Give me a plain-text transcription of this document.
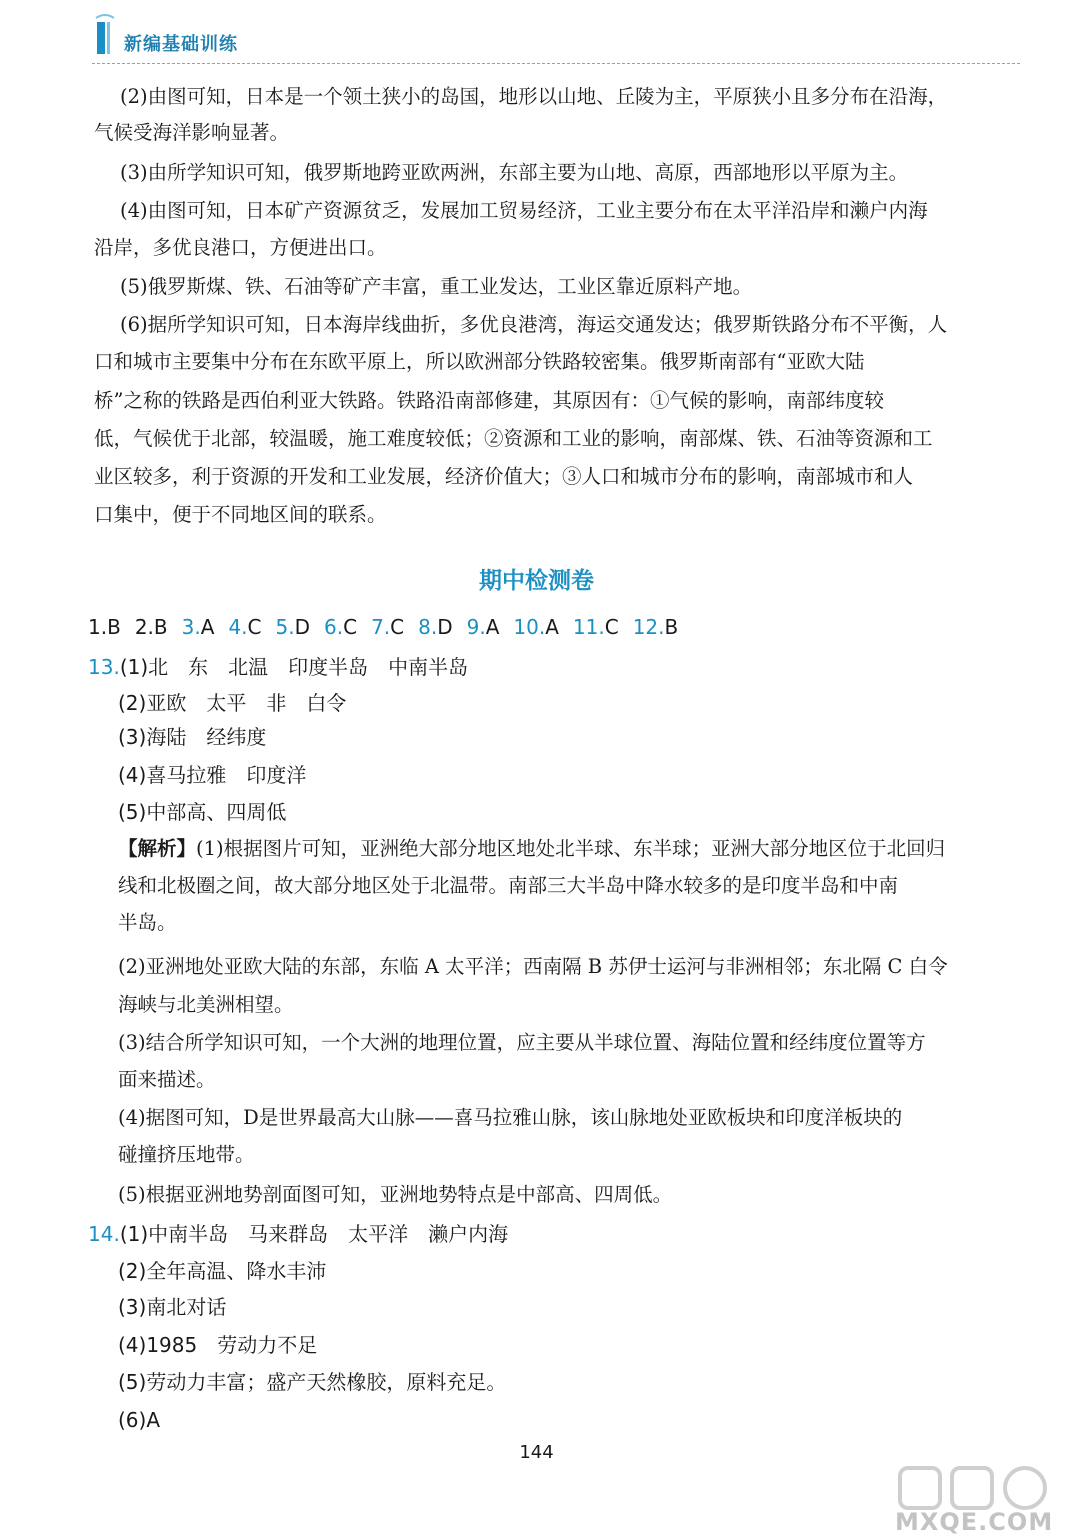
新编基础训练
(2)由图可知，日本是一个领土狭小的岛国，地形以山地、丘陵为主，平原狭小且多分布在沿海，
气候受海洋影响显著。
(3)由所学知识可知，俄罗斯地跨亚欧两洲，东部主要为山地、高原，西部地形以平原为主。
(4)由图可知，日本矿产资源贫乏，发展加工贸易经济，工业主要分布在太平洋沿岸和濑户内海
沿岸，多优良港口，方便进出口。
(5)俄罗斯煤、铁、石油等矿产丰富，重工业发达，工业区靠近原料产地。
(6)据所学知识可知，日本海岸线曲折，多优良港湾，海运交通发达；俄罗斯铁路分布不平衡，人
口和城市主要集中分布在东欧平原上，所以欧洲部分铁路较密集。俄罗斯南部有“亚欧大陆
桥”之称的铁路是西伯利亚大铁路。铁路沿南部修建，其原因有：①气候的影响，南部纬度较
低，气候优于北部，较温暖，施工难度较低；②资源和工业的影响，南部煤、铁、石油等资源和工
业区较多，利于资源的开发和工业发展，经济价值大；③人口和城市分布的影响，南部城市和人
口集中，便于不同地区间的联系。
期中检测卷
1.B 2.B 3.A 4.C 5.D 6.C 7.C 8.D 9.A 10.A 11.C 12.B
13.(1)北　东　北温　印度半岛　中南半岛
(2)亚欧　太平　非　白令
(3)海陆　经纬度
(4)喜马拉雅　印度洋
(5)中部高、四周低
【解析】(1)根据图片可知，亚洲绝大部分地区地处北半球、东半球；亚洲大部分地区位于北回归
线和北极圈之间，故大部分地区处于北温带。南部三大半岛中降水较多的是印度半岛和中南
半岛。
(2)亚洲地处亚欧大陆的东部，东临 A 太平洋；西南隔 B 苏伊士运河与非洲相邻；东北隔 C 白令
海峡与北美洲相望。
(3)结合所学知识可知，一个大洲的地理位置，应主要从半球位置、海陆位置和经纬度位置等方
面来描述。
(4)据图可知，D是世界最高大山脉——喜马拉雅山脉，该山脉地处亚欧板块和印度洋板块的
碰撞挤压地带。
(5)根据亚洲地势剖面图可知，亚洲地势特点是中部高、四周低。
14.(1)中南半岛　马来群岛　太平洋　濑户内海
(2)全年高温、降水丰沛
(3)南北对话
(4)1985　劳动力不足
(5)劳动力丰富；盛产天然橡胶，原料充足。
(6)A
144
MXQE.COM
